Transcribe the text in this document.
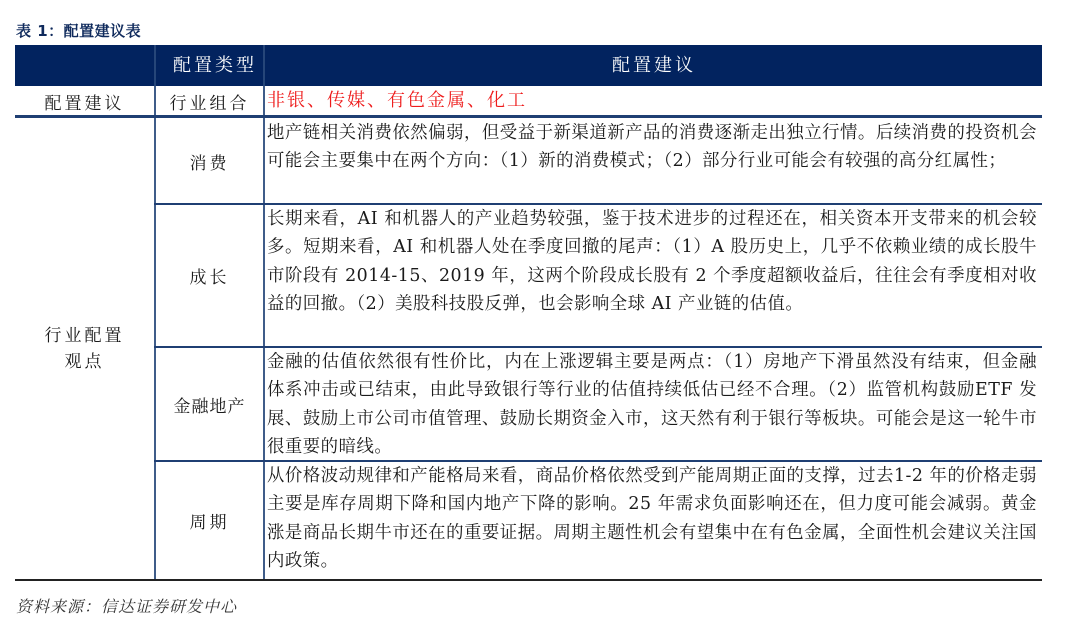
表 1：配置建议表
配置类型	配置建议
配置建议	行业组合 非银、传媒、有色金属、化工
行业配置
观点
消费
地产链相关消费依然偏弱，但受益于新渠道新产品的消费逐渐走出独立行情。后续消费的投资机会可能会主要集中在两个方向：（1）新的消费模式；（2）部分行业可能会有较强的高分红属性；
成长
长期来看，AI 和机器人的产业趋势较强，鉴于技术进步的过程还在，相关资本开支带来的机会较多。短期来看，AI 和机器人处在季度回撤的尾声：（1）A 股历史上，几乎不依赖业绩的成长股牛市阶段有 2014-15、2019 年，这两个阶段成长股有 2 个季度超额收益后，往往会有季度相对收益的回撤。（2）美股科技股反弹，也会影响全球 AI 产业链的估值。
金融地产
金融的估值依然很有性价比，内在上涨逻辑主要是两点：（1）房地产下滑虽然没有结束，但金融体系冲击或已结束，由此导致银行等行业的估值持续低估已经不合理。（2）监管机构鼓励ETF 发展、鼓励上市公司市值管理、鼓励长期资金入市，这天然有利于银行等板块。可能会是这一轮牛市很重要的暗线。
周期
从价格波动规律和产能格局来看，商品价格依然受到产能周期正面的支撑，过去1-2 年的价格走弱主要是库存周期下降和国内地产下降的影响。25 年需求负面影响还在，但力度可能会减弱。黄金涨是商品长期牛市还在的重要证据。周期主题性机会有望集中在有色金属，全面性机会建议关注国内政策。
资料来源：信达证券研发中心
